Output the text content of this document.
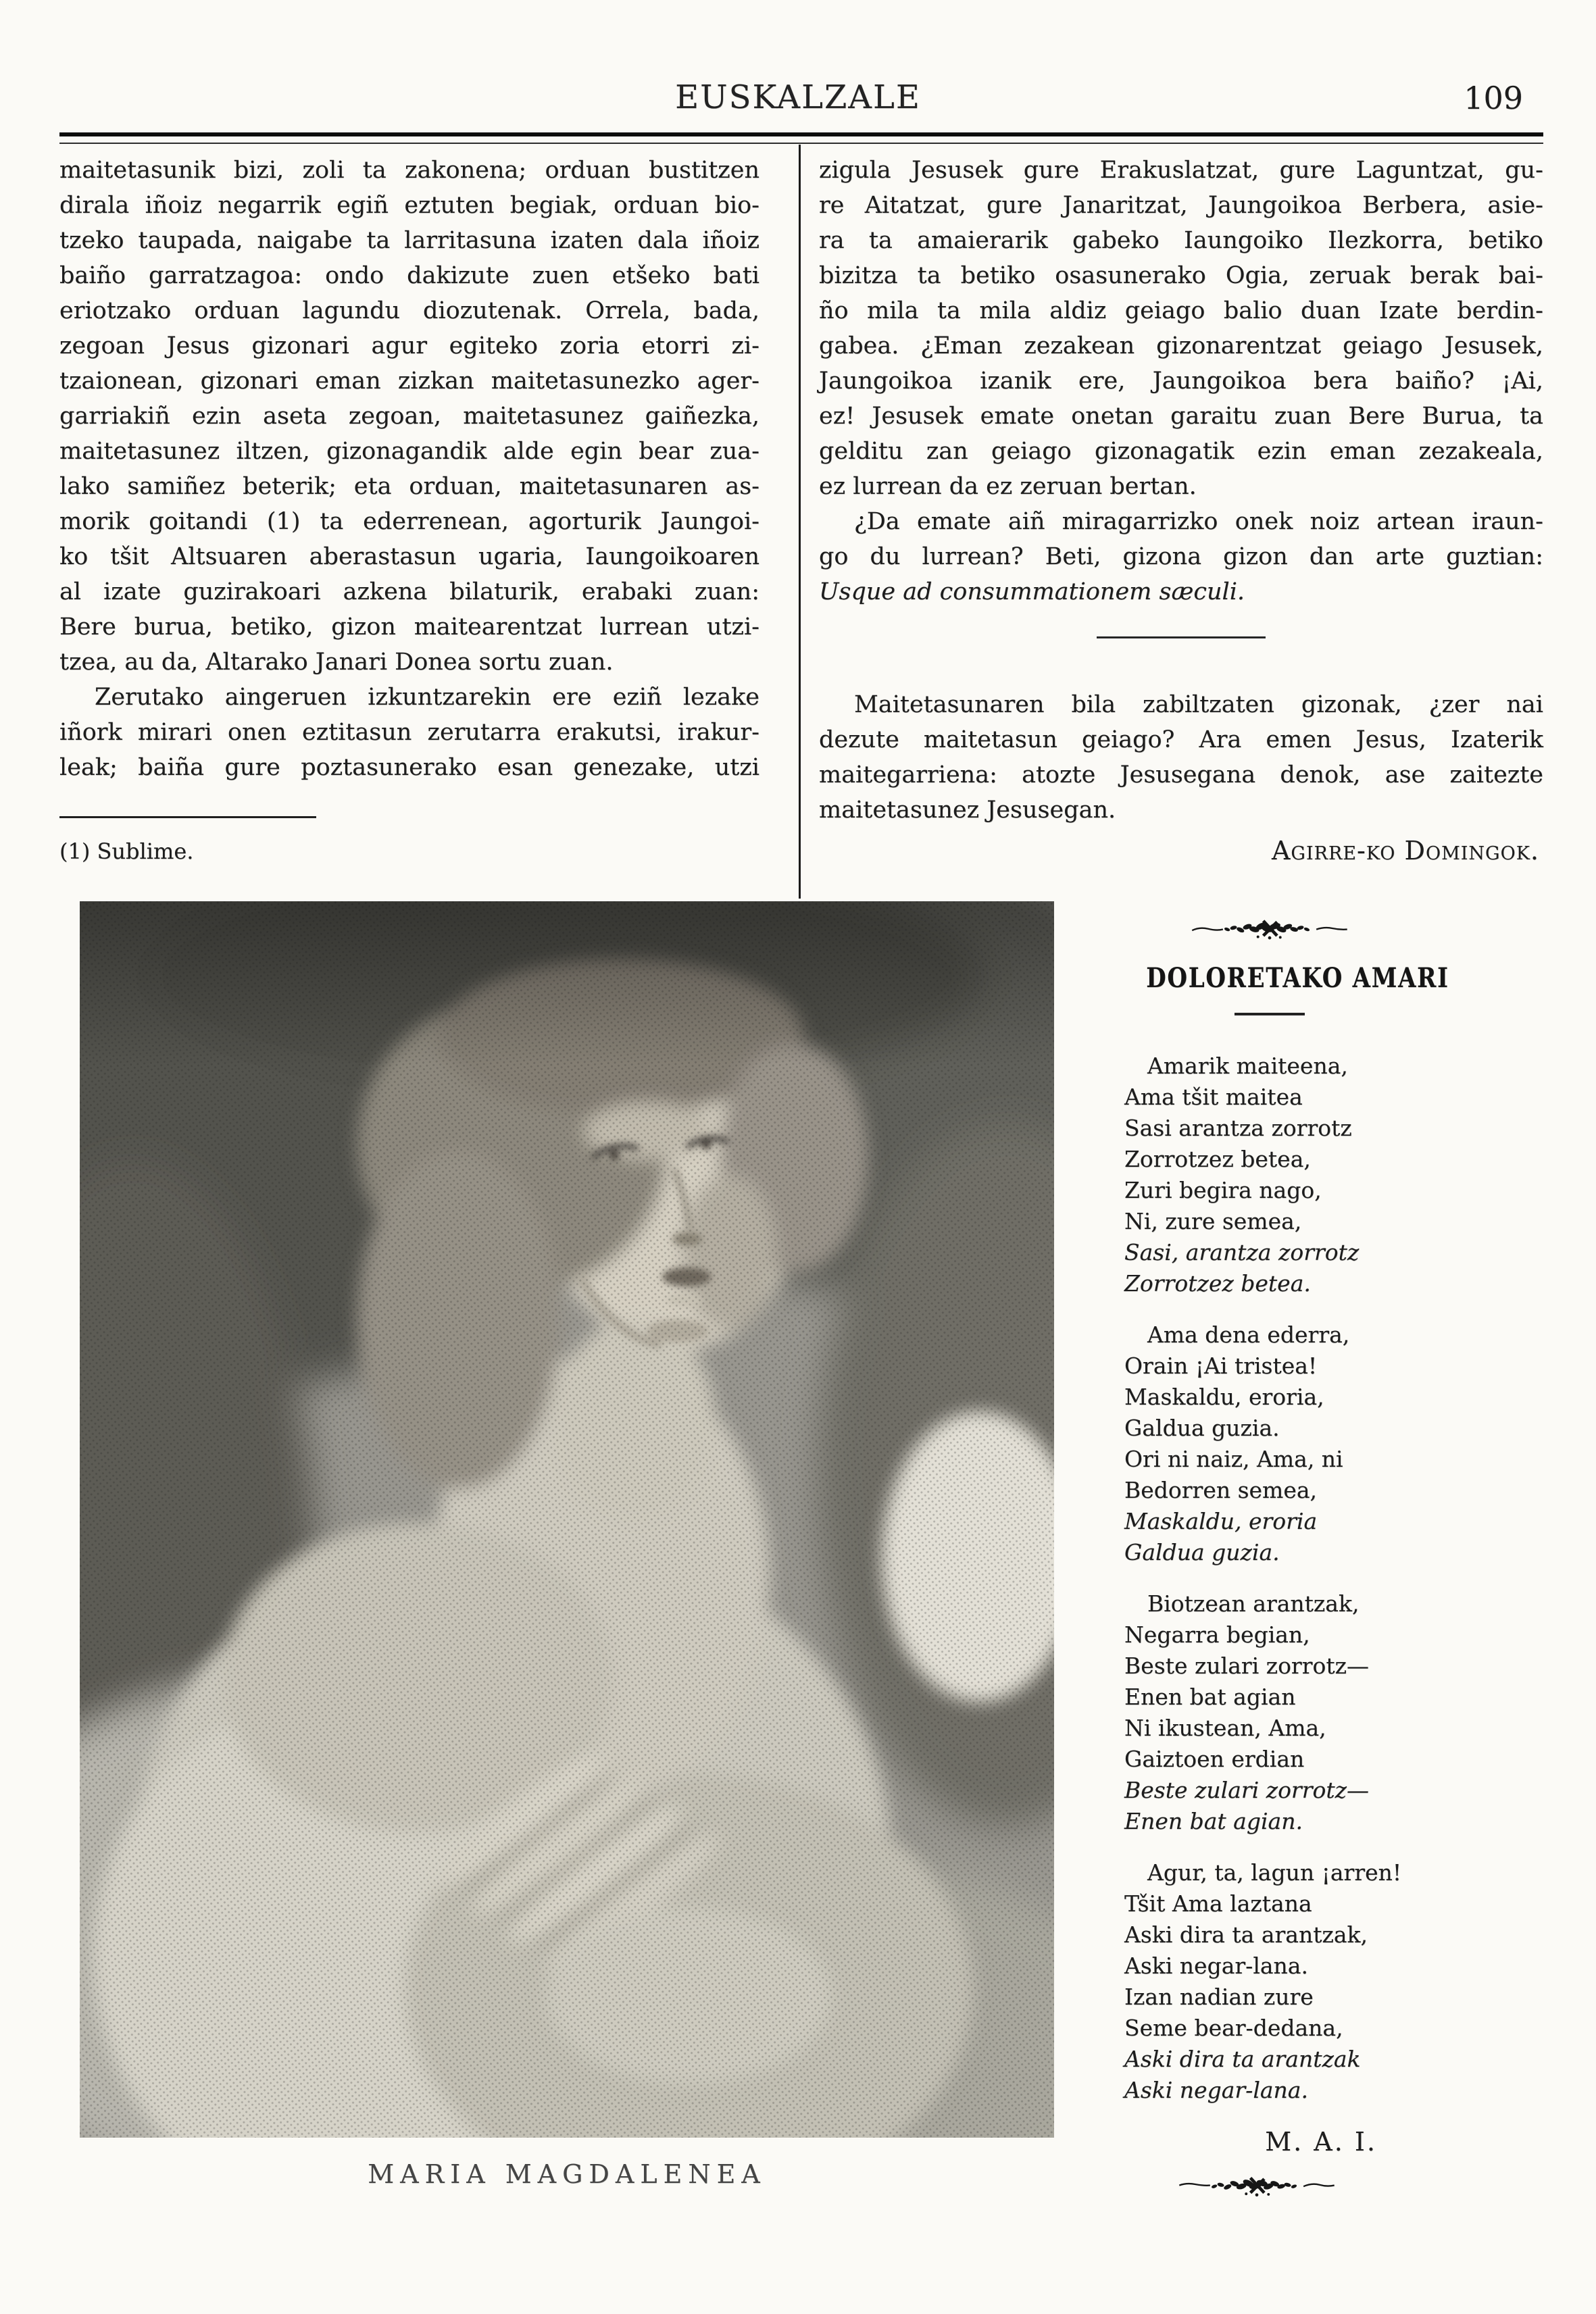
EUSKALZALE	109
maitetasunik bizi, zoli ta zakonena; orduan bustitzen
dirala iñoiz negarrik egiñ eztuten begiak, orduan bio-
tzeko taupada, naigabe ta larritasuna izaten dala iñoiz
baiño garratzagoa: ondo dakizute zuen etšeko bati
eriotzako orduan lagundu diozutenak. Orrela, bada,
zegoan Jesus gizonari agur egiteko zoria etorri zi-
tzaionean, gizonari eman zizkan maitetasunezko ager-
garriakiñ ezin aseta zegoan, maitetasunez gaiñezka,
maitetasunez iltzen, gizonagandik alde egin bear zua-
lako samiñez beterik; eta orduan, maitetasunaren as-
morik goitandi (1) ta ederrenean, agorturik Jaungoi-
ko tšit Altsuaren aberastasun ugaria, Iaungoikoaren
al izate guzirakoari azkena bilaturik, erabaki zuan:
Bere burua, betiko, gizon maitearentzat lurrean utzi-
tzea, au da, Altarako Janari Donea sortu zuan.
Zerutako aingeruen izkuntzarekin ere eziñ lezake
iñork mirari onen eztitasun zerutarra erakutsi, irakur-
leak; baiña gure poztasunerako esan genezake, utzi
(1) Sublime.
zigula Jesusek gure Erakuslatzat, gure Laguntzat, gu-
re Aitatzat, gure Janaritzat, Jaungoikoa Berbera, asie-
ra ta amaierarik gabeko Iaungoiko Ilezkorra, betiko
bizitza ta betiko osasunerako Ogia, zeruak berak bai-
ño mila ta mila aldiz geiago balio duan Izate berdin-
gabea. ¿Eman zezakean gizonarentzat geiago Jesusek,
Jaungoikoa izanik ere, Jaungoikoa bera baiño? ¡Ai,
ez! Jesusek emate onetan garaitu zuan Bere Burua, ta
gelditu zan geiago gizonagatik ezin eman zezakeala,
ez lurrean da ez zeruan bertan.
¿Da emate aiñ miragarrizko onek noiz artean iraun-
go du lurrean? Beti, gizona gizon dan arte guztian:
Usque ad consummationem sæculi.
Maitetasunaren bila zabiltzaten gizonak, ¿zer nai
dezute maitetasun geiago? Ara emen Jesus, Izaterik
maitegarriena: atozte Jesusegana denok, ase zaitezte
maitetasunez Jesusegan.
Agirre-ko Domingok.
MARIA MAGDALENEA
DOLORETAKO AMARI
Amarik maiteena,
Ama tšit maitea
Sasi arantza zorrotz
Zorrotzez betea,
Zuri begira nago,
Ni, zure semea,
Sasi, arantza zorrotz
Zorrotzez betea.
Ama dena ederra,
Orain ¡Ai tristea!
Maskaldu, eroria,
Galdua guzia.
Ori ni naiz, Ama, ni
Bedorren semea,
Maskaldu, eroria
Galdua guzia.
Biotzean arantzak,
Negarra begian,
Beste zulari zorrotz—
Enen bat agian
Ni ikustean, Ama,
Gaiztoen erdian
Beste zulari zorrotz—
Enen bat agian.
Agur, ta, lagun ¡arren!
Tšit Ama laztana
Aski dira ta arantzak,
Aski negar-lana.
Izan nadian zure
Seme bear-dedana,
Aski dira ta arantzak
Aski negar-lana.
M. A. I.
